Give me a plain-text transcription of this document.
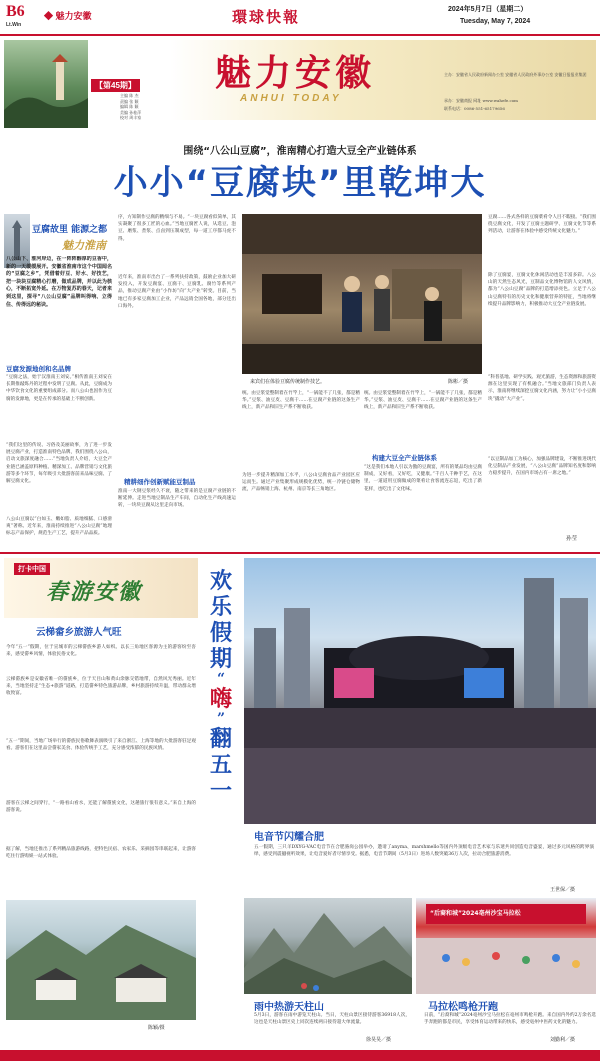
B6
Lt.Win
◆ 魅力安徽	環球快報
2024年5月7日（星期二）
Tuesday, May 7, 2024
【第45期】
主编 陈 杰
责编 张 颖
编辑 陈 颖
美编 孙桂萍
校对 周丰家
魅力安徽
ANHUI TODAY
主办：安徽省人民政府新闻办公室 安徽省人民政府外事办公室 安徽日报报业集团
承办：安徽商报 网址 www.wahefe.com
联系电话：0086-551-65179656
围绕“八公山豆腐”，淮南精心打造大豆全产业链体系
小小“豆腐块”里乾坤大
豆腐故里 能源之都
魅力淮南
八公山下、淮河岸边，在一阵阵醇厚的豆香中，新的一天缓缓展开。安徽省淮南市这个中国闻名的“豆腐之乡”，凭借着好豆、好水、好技艺，把一块块豆腐精心打磨，做成品牌，并以此为核心，不断拓宽外延。在万物复苏的春天，记者来到这里，探寻“八公山豆腐”品牌叫得响、立得住、传得远的秘诀。
豆腐发源地创和名品牌
“豆腐之法，始于汉淮南王刘安。”相传淮南王刘安在长期推敲炼丹的过程中发明了豆腐。从此，豆腐成为中华饮食文化的重要组成部分。而八公山也因作为豆腐的发源地，更是在传承的基础上不断创新。
“我们这里的传说、习俗及美丽故事，为了进一步发展豆腐产业，打造淮南特色品牌，我们围绕八公山，启动文旅深度融合……”当地负责人介绍，大豆全产业链已涵盖原料种植、精深加工、品牌营销与文化旅游等多个环节，每年吸引大批游客前来品味豆腐、了解豆腐文化。
八公山豆腐以“白如玉、嫩如脂、质地细腻、口感滑爽”著称。近年来，淮南持续推进“八公山豆腐”地理标志产品保护，规范生产工艺，提升产品品质。
序，方知制作豆腐的精细与不易。“一块豆腐看似简单，其实凝聚了很多工匠的心血。”当地豆腐匠人说，从选豆、泡豆、磨浆、煮浆、点卤到压制成型，每一道工序都马虎不得。
近年来，淮南市出台了一系列扶持政策，鼓励企业加大研发投入，开发豆腐宴、豆腐干、豆腐乳、腐竹等系列产品，推动豆腐产业由“小作坊”向“大产业”转变。目前，当地已有多家豆腐加工企业，产品远销全国各地，部分还出口海外。
精耕细作创新赋能豆制品
淮南一大钢豆浆经久不衰，随之带来的是豆腐产业链的不断延伸。走进当地豆制品生产车间，自动化生产线高速运转，一块块豆腐从这里走向市场。
来宾们在体验豆腐传统制作技艺。	陈彬／摄
统。由豆浆觉整制着在竹竿上，“一锅能不了几张，都是精华。”豆浆、油豆皮、豆腐干……在豆腐产业链的这条生产线上，新产品和旧生产系不断收获。
为进一步提升精深加工水平，八公山豆腐食品产业园区应运而生。通过产业集聚形成规模化优势，统一冷链仓储物流，产品畅销上海、杭州、南京等长三角地区。
统。由豆浆觉整制着在竹竿上，“一锅能不了几张，都是精华。”豆浆、油豆皮、豆腐干……在豆腐产业链的这条生产线上，新产品和旧生产系不断收获。
构建大豆全产业链体系
“这是我们本地人引以为傲的豆腐宴，所有的菜品均由豆腐制成，又好看，又好吃，又健康。”千百人千种手艺，在这里，一道道用豆腐做成的菜肴让食客流连忘返，吃出了新花样，也吃出了文化味。
豆腐……各式各样的豆腐菜肴令人目不暇接。“我们围绕豆腐文化，开发了豆腐主题研学、豆腐文化节等系列活动，让游客在体验中感受传统文化魅力。”
除了豆腐宴，豆腐文化休闲活动也是丰富多彩。八公山的天然生态风光，豆制品文化博物馆的人文风情，都为“八公山豆腐”品牌的打造增添亮色。立足于八公山豆腐特有的历史文化和健康营养的特征，当地将继续提升品牌影响力，积极推动大豆全产业链发展。
“科普基地、研学实践、观光旅游，生态资源和旅游资源在这里实现了有机融合。”当地文旅部门负责人表示，淮南将继续深挖豆腐文化内涵，努力让“小小豆腐块”撬动“大产业”。
“以豆制品加工为核心，加强品牌建设，不断推进现代化豆制品产业发展，“八公山豆腐”品牌知名度和影响力稳步提升，在国内市场占有一席之地。”
孙莹
打卡中国
春游安徽
云梯畲乡旅游人气旺
今年“五一”假期，位于宣城市的云梯畲族乡游人如织。以长三角地区客源为主的游客纷至沓来，感受畲乡风情，体验民俗文化。
云梯畲族乡是安徽省唯一的畲族乡，位于天目山和黄山余脉交错地带，自然风光秀丽。近年来，当地坚持走“生态+旅游”道路，打造畲乡特色旅游品牌，乡村旅游持续升温，带动群众增收致富。
“五一”期间，当地广场举行的畲族民俗歌舞表演吸引了来自浙江、上海等地的大批游客驻足观看。游客们在这里品尝畲家美食、体验传统手工艺，充分感受浓郁的民族风情。
游客在云梯之间穿行，“一路看山看水，还能了解畲族文化，这趟旅行很有意义。”来自上海的游客说。
据了解，当地还推出了系列精品旅游线路，把特色民宿、农家乐、采摘园等串联起来，让游客吃住行游购娱一站式体验。
陈颖/摄
欢
乐
假
期
“
嗨
”
翻
五
一
电音节闪耀合肥
五一假期，三只羊DXYG-VAC电音节在合肥骆岗公园举办，邀请了anyma、marshmello等国内外顶级电音艺术家与乐迷共同创造电音盛宴，通过多元风格的跨界演绎，感受到震撼视听效果，让电音爱好者尽情享受。据悉，电音节期间（5月3日）进场人数突破36万人次，拉动合肥旅游消费。
王世保／摄
雨中热游天柱山
5月3日，游客在雨中游览天柱山。当日，天柱山景区接待游客36918人次，这也是天柱山景区史上同次连续两日接待超大单流量。
徐昊昊／摄
“后裔和城”2024亳州沙宝马拉松
马拉松鸣枪开跑
日前，“后裔和城”2024亳州沙宝马拉松在亳州市鸣枪开跑。来自国内外约2万余名选手奔跑的都是市民，享受体育运动带来的快乐，感受亳州中医药文化的魅力。
刘勤利／摄
